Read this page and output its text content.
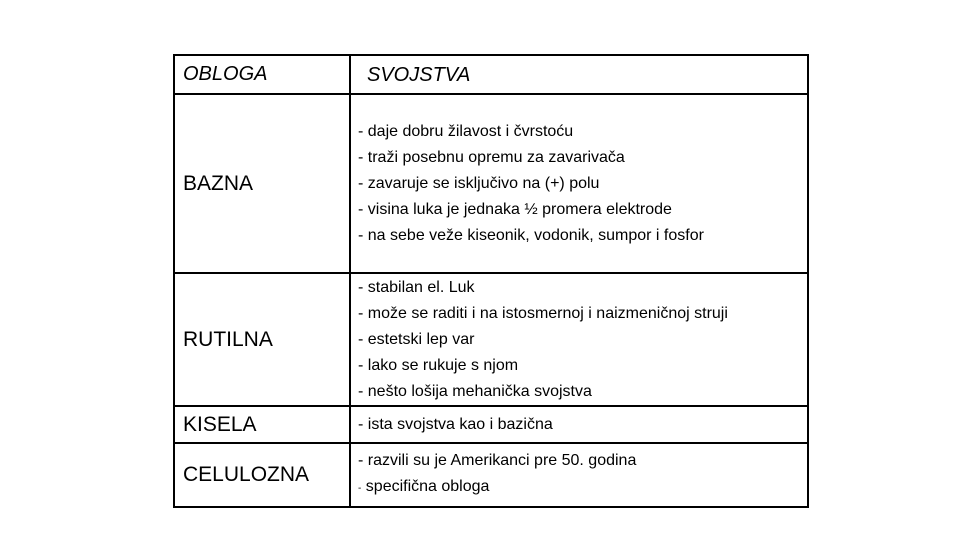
OBLOGA	SVOJSTVA
BAZNA	- daje dobru žilavost i čvrstoću
- traži posebnu opremu za zavarivača
- zavaruje se isključivo na (+) polu
- visina luka je jednaka ½ promera elektrode
- na sebe veže kiseonik, vodonik, sumpor i fosfor

RUTILNA	- stabilan el. Luk
- može se raditi i na istosmernoj i naizmeničnoj struji
- estetski lep var
- lako se rukuje s njom
- nešto lošija mehanička svojstva

KISELA	- ista svojstva kao i bazična

CELULOZNA	- razvili su je Amerikanci pre 50. godina
- specifična obloga
